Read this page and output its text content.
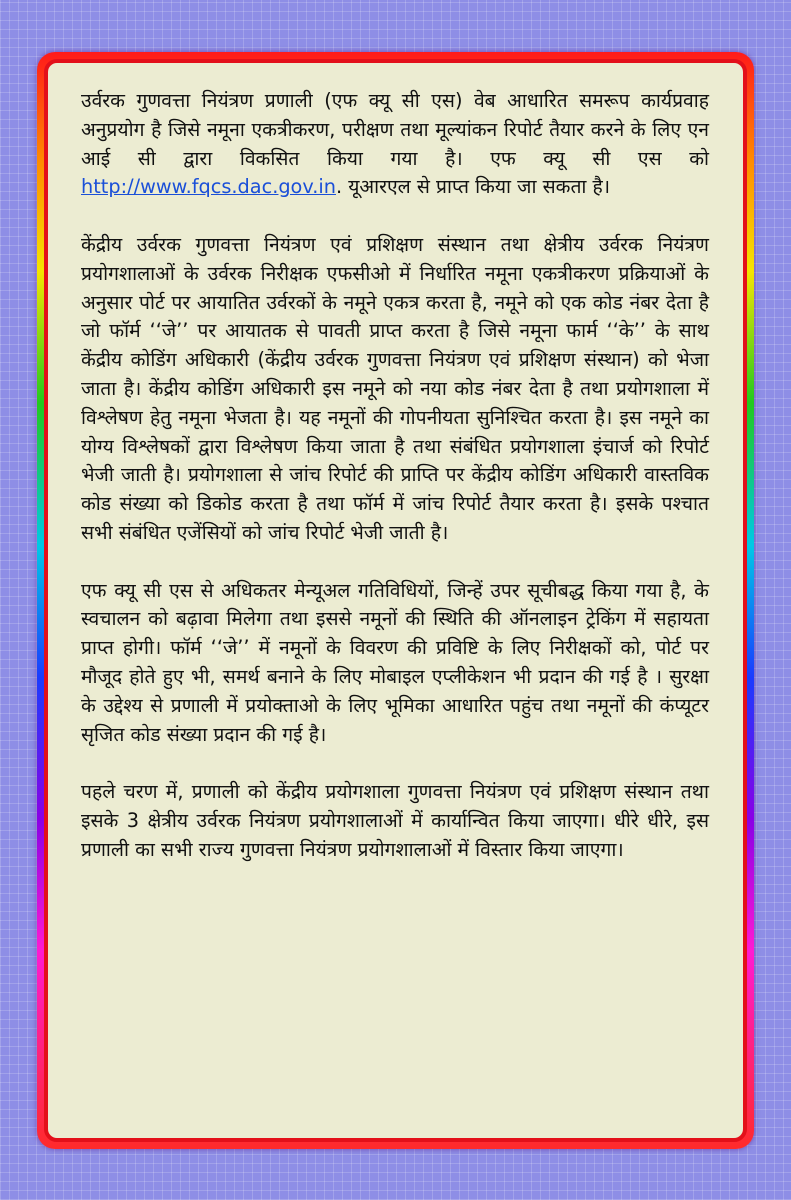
उर्वरक गुणवत्ता नियंत्रण प्रणाली (एफ क्यू सी एस) वेब आधारित समरूप कार्यप्रवाह अनुप्रयोग है जिसे नमूना एकत्रीकरण, परीक्षण तथा मूल्यांकन रिपोर्ट तैयार करने के लिए एन आई सी द्वारा विकसित किया गया है। एफ क्यू सी एस को http://www.fqcs.dac.gov.in. यूआरएल से प्राप्त किया जा सकता है।

केंद्रीय उर्वरक गुणवत्ता नियंत्रण एवं प्रशिक्षण संस्थान तथा क्षेत्रीय उर्वरक नियंत्रण प्रयोगशालाओं के उर्वरक निरीक्षक एफसीओ में निर्धारित नमूना एकत्रीकरण प्रक्रियाओं के अनुसार पोर्ट पर आयातित उर्वरकों के नमूने एकत्र करता है, नमूने को एक कोड नंबर देता है जो फॉर्म ‘‘जे’’ पर आयातक से पावती प्राप्त करता है जिसे नमूना फार्म ‘‘के’’ के साथ केंद्रीय कोडिंग अधिकारी (केंद्रीय उर्वरक गुणवत्ता नियंत्रण एवं प्रशिक्षण संस्थान) को भेजा जाता है। केंद्रीय कोडिंग अधिकारी इस नमूने को नया कोड नंबर देता है तथा प्रयोगशाला में विश्लेषण हेतु नमूना भेजता है। यह नमूनों की गोपनीयता सुनिश्चित करता है। इस नमूने का योग्य विश्लेषकों द्वारा विश्लेषण किया जाता है तथा संबंधित प्रयोगशाला इंचार्ज को रिपोर्ट भेजी जाती है। प्रयोगशाला से जांच रिपोर्ट की प्राप्ति पर केंद्रीय कोडिंग अधिकारी वास्तविक कोड संख्या को डिकोड करता है तथा फॉर्म में जांच रिपोर्ट तैयार करता है। इसके पश्चात सभी संबंधित एजेंसियों को जांच रिपोर्ट भेजी जाती है।

एफ क्यू सी एस से अधिकतर मेन्यूअल गतिविधियों, जिन्हें उपर सूचीबद्ध किया गया है, के स्वचालन को बढ़ावा मिलेगा तथा इससे नमूनों की स्थिति की ऑनलाइन ट्रेकिंग में सहायता प्राप्त होगी। फॉर्म ‘‘जे’’ में नमूनों के विवरण की प्रविष्टि के लिए निरीक्षकों को, पोर्ट पर मौजूद होते हुए भी, समर्थ बनाने के लिए मोबाइल एप्लीकेशन भी प्रदान की गई है । सुरक्षा के उद्देश्य से प्रणाली में प्रयोक्ताओ के लिए भूमिका आधारित पहुंच तथा नमूनों की कंप्यूटर सृजित कोड संख्या प्रदान की गई है।

पहले चरण में, प्रणाली को केंद्रीय प्रयोगशाला गुणवत्ता नियंत्रण एवं प्रशिक्षण संस्थान तथा इसके 3 क्षेत्रीय उर्वरक नियंत्रण प्रयोगशालाओं में कार्यान्वित किया जाएगा। धीरे धीरे, इस प्रणाली का सभी राज्य गुणवत्ता नियंत्रण प्रयोगशालाओं में विस्तार किया जाएगा।
